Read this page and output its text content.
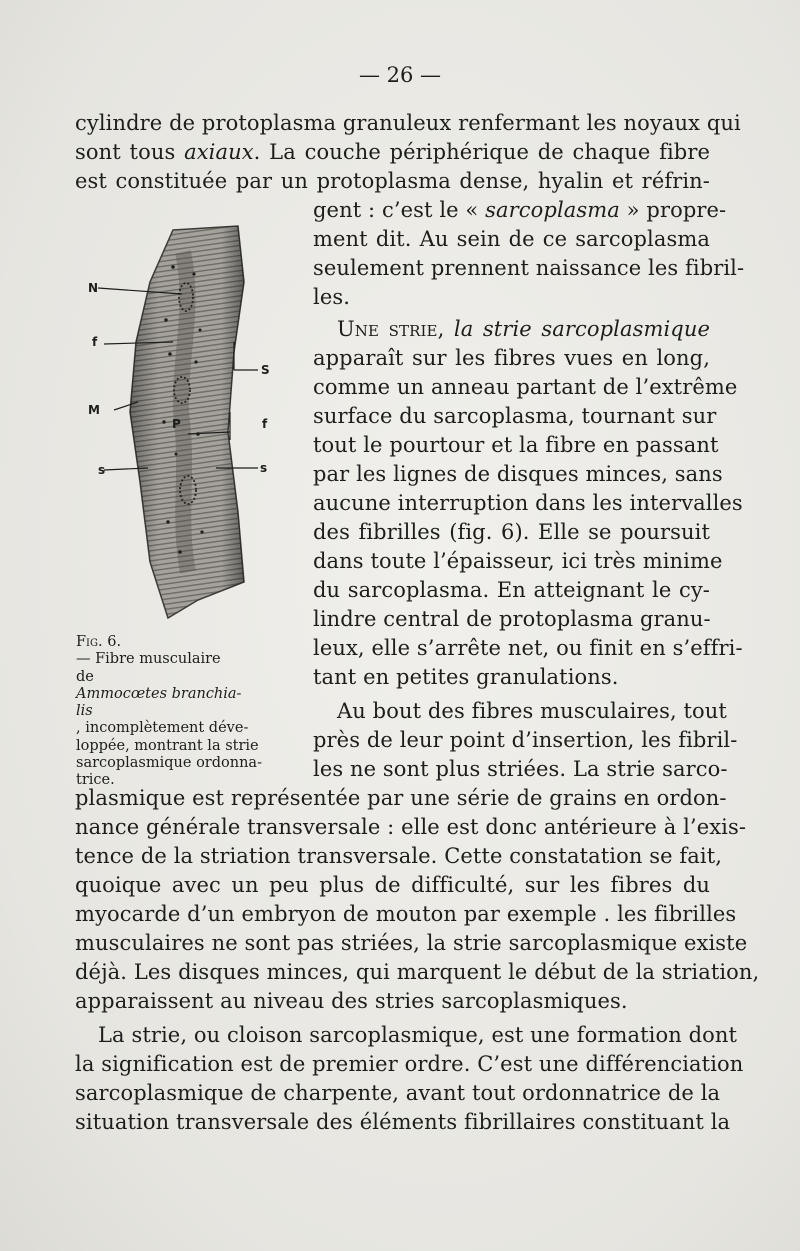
— 26 —
cylindre de protoplasma granuleux renfermant les noyaux qui
sont tous axiaux. La couche périphérique de chaque fibre
est constituée par un protoplasma dense, hyalin et réfrin-
gent : c’est le « sarcoplasma » propre-
ment dit. Au sein de ce sarcoplasma
seulement prennent naissance les fibril-
les.
Une strie, la strie sarcoplasmique
apparaît sur les fibres vues en long,
comme un anneau partant de l’extrême
surface du sarcoplasma, tournant sur
tout le pourtour et la fibre en passant
par les lignes de disques minces, sans
aucune interruption dans les intervalles
des fibrilles (fig. 6). Elle se poursuit
dans toute l’épaisseur, ici très minime
du sarcoplasma. En atteignant le cy-
lindre central de protoplasma granu-
leux, elle s’arrête net, ou finit en s’effri-
tant en petites granulations.
Au bout des fibres musculaires, tout
près de leur point d’insertion, les fibril-
les ne sont plus striées. La strie sarco-
plasmique est représentée par une série de grains en ordon-
nance générale transversale : elle est donc antérieure à l’exis-
tence de la striation transversale. Cette constatation se fait,
quoique avec un peu plus de difficulté, sur les fibres du
myocarde d’un embryon de mouton par exemple . les fibrilles
musculaires ne sont pas striées, la strie sarcoplasmique existe
déjà. Les disques minces, qui marquent le début de la striation,
apparaissent au niveau des stries sarcoplasmiques.
La strie, ou cloison sarcoplasmique, est une formation dont
la signification est de premier ordre. C’est une différenciation
sarcoplasmique de charpente, avant tout ordonnatrice de la
situation transversale des éléments fibrillaires constituant la
N
f
M
s
S
P	f
s
Fig. 6.
— Fibre musculaire
de
Ammocœtes branchia-
lis
, incomplètement déve-
loppée, montrant la strie
sarcoplasmique ordonna-
trice.
